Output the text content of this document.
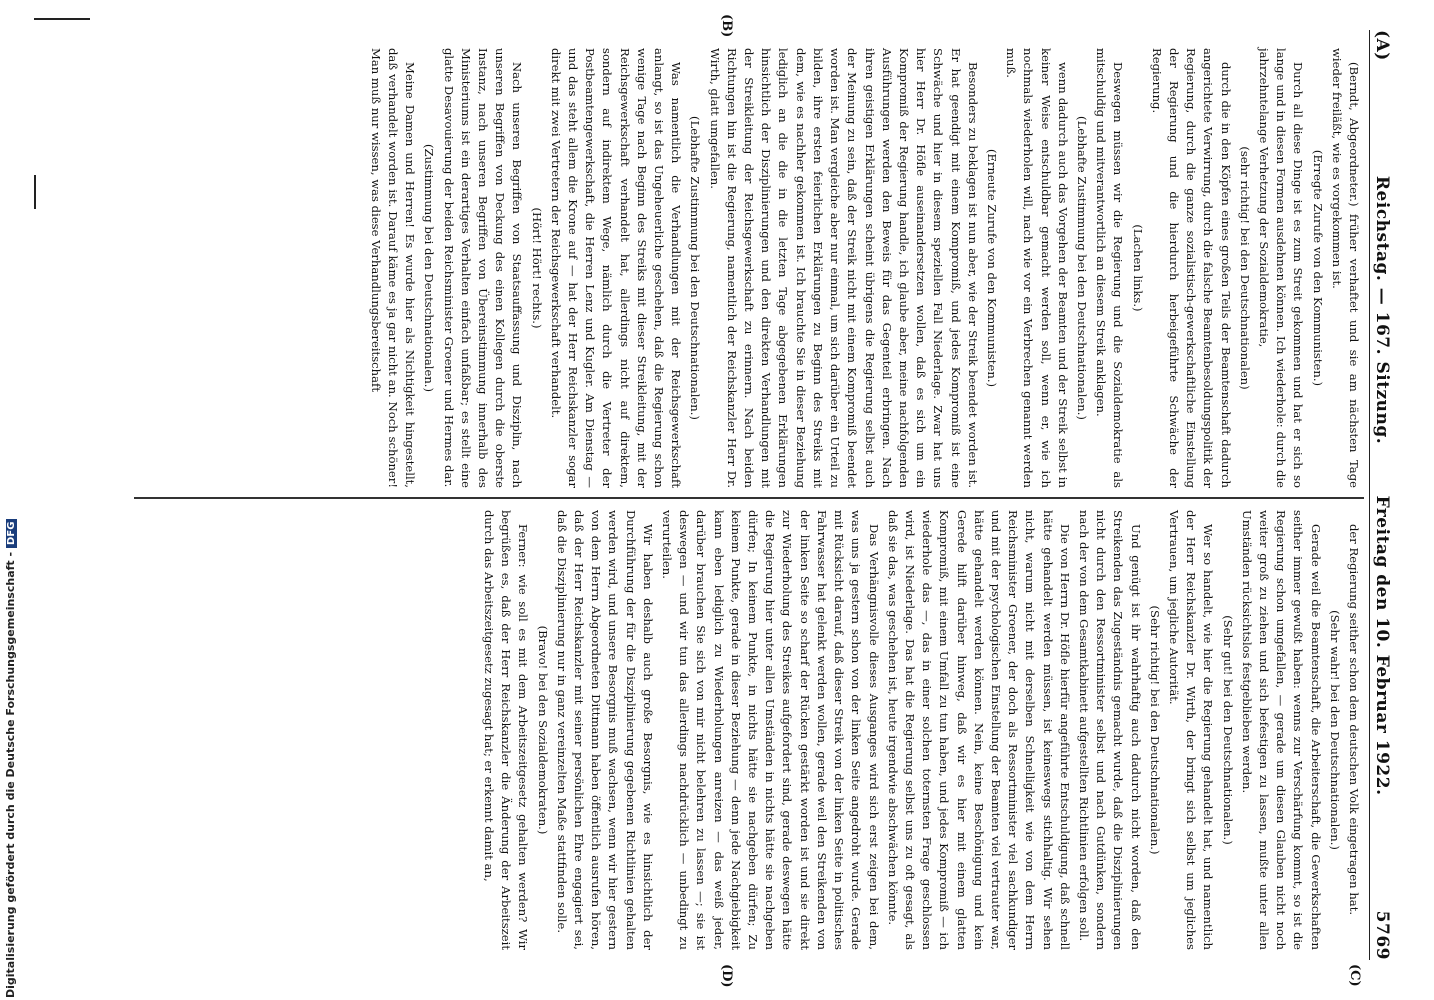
(A)
Reichstag. — 167. Sitzung.        Freitag den 10. Februar 1922.
5769
(C)
(B)
(D)

(Berndt, Abgeordneter.) früher verhaftet und sie am nächsten Tage wieder freiläßt, wie es vorgekommen ist.

(Erregte Zurufe von den Kommunisten.)

Durch all diese Dinge ist es zum Streit gekommen und hat er sich so lange und in diesen Formen ausdehnen können. Ich wiederhole: durch die jahrzehntelange Verhetzung der Sozialdemokratie,

(sehr richtig! bei den Deutschnationalen)

durch die in den Köpfen eines großen Teils der Beamtenschaft dadurch angerichtete Verwirrung, durch die falsche Beamtenbesoldungspolitik der Regierung, durch die ganze sozialistisch-gewerkschaftliche Einstellung der Regierung und die hierdurch herbeigeführte Schwäche der Regierung.

(Lachen links.)

Deswegen müssen wir die Regierung und die Sozialdemokratie als mitschuldig und mitverantwortlich an diesem Streik anklagen.

(Lebhafte Zustimmung bei den Deutschnationalen.)

wenn dadurch auch das Vorgehen der Beamten und der Streik selbst in keiner Weise entschuldbar gemacht werden soll, wenn er, wie ich nochmals wiederholen will, nach wie vor ein Verbrechen genannt werden muß.

(Erneute Zurufe von den Kommunisten.)

Besonders zu beklagen ist nun aber, wie der Streik beendet worden ist. Er hat geendigt mit einem Kompromiß, und jedes Kompromiß ist eine Schwäche und hier in diesem speziellen Fall Niederlage. Zwar hat uns hier Herr Dr. Höfle auseinandersetzen wollen, daß es sich um ein Kompromiß der Regierung handle, ich glaube aber, meine nachfolgenden Ausführungen werden den Beweis für das Gegenteil erbringen. Nach ihren geistigen Erklärungen scheint übrigens die Regierung selbst auch der Meinung zu sein, daß der Streik nicht mit einem Kompromiß beendet worden ist. Man vergleiche aber nur einmal, um sich darüber ein Urteil zu bilden, ihre ersten feierlichen Erklärungen zu Beginn des Streiks mit dem, wie es nachher gekommen ist. Ich brauchte Sie in dieser Beziehung lediglich an die die in die letzten Tage abgegebenen Erklärungen hinsichtlich der Disziplinierungen und den direkten Verhandlungen mit der Streikleitung der Reichsgewerkschaft zu erinnern. Nach beiden Richtungen hin ist die Regierung, namentlich der Reichskanzler Herr Dr. Wirth, glatt umgefallen.

(Lebhafte Zustimmung bei den Deutschnationalen.)

Was namentlich die Verhandlungen mit der Reichsgewerkschaft anlangt, so ist das Ungeheuerliche geschehen, daß die Regierung schon wenige Tage nach Beginn des Streiks mit dieser Streikleitung, mit der Reichsgewerkschaft verhandelt hat, allerdings nicht auf direktem, sondern auf indirektem Wege, nämlich durch die Vertreter der Postbeamtengewerkschaft, die Herren Lenz und Kugler. Am Dienstag — und das steht allem die Krone auf — hat der Herr Reichskanzler sogar direkt mit zwei Vertretern der Reichsgewerkschaft verhandelt.

(Hört! Hört! rechts.)

Nach unseren Begriffen von Staatsauffassung und Disziplin, nach unseren Begriffen von Deckung des einen Kollegen durch die oberste Instanz, nach unseren Begriffen von Übereinstimmung innerhalb des Ministeriums ist ein derartiges Verhalten einfach unfaßbar; es stellt eine glatte Desavouierung der beiden Reichsminister Groener und Hermes dar.

(Zustimmung bei den Deutschnationalen.)

Meine Damen und Herren! Es wurde hier als Nichtigkeit hingestellt, daß verhandelt worden ist. Darauf käme es ja gar nicht an. Noch schöner! Man muß nur wissen, was diese Verhandlungsbereitschaft

der Regierung seither schon dem deutschen Volk eingetragen hat.

(Sehr wahr! bei den Deutschnationalen.)

Gerade weil die Beamtenschaft, die Arbeiterschaft, die Gewerkschaften seither immer gewußt haben: wenns zur Verschärfung kommt, so ist die Regierung schon umgefallen, — gerade um diesen Glauben nicht noch weiter groß zu ziehen und sich befestigen zu lassen, mußte unter allen Umständen rücksichtslos festgeblieben werden.

(Sehr gut! bei den Deutschnationalen.)

Wer so handelt, wie hier die Regierung gehandelt hat, und namentlich der Herr Reichskanzler Dr. Wirth, der bringt sich selbst um jegliches Vertrauen, um jegliche Autorität.

(Sehr richtig! bei den Deutschnationalen.)

Und genügt ist ihr wahrhaftig auch dadurch nicht worden, daß den Streikenden das Zugeständnis gemacht wurde, daß die Disziplinierungen nicht durch den Ressortminister selbst und nach Gutdünken, sondern nach der von dem Gesamtkabinett aufgestellten Richtlinien erfolgen soll.

Die von Herrn Dr. Höfle hierfür angeführte Entschuldigung, daß schnell hätte gehandelt werden müssen, ist keineswegs stichhaltig. Wir sehen nicht, warum nicht mit derselben Schnelligkeit wie von dem Herrn Reichsminister Groener, der doch als Ressortminister viel sachkundiger und mit der psychologischen Einstellung der Beamten viel vertrauter war, hätte gehandelt werden können. Nein, keine Beschönigung und kein Gerede hilft darüber hinweg, daß wir es hier mit einem glatten Kompromiß, mit einem Umfall zu tun haben, und jedes Kompromiß — ich wiederhole das —, das in einer solchen toternsten Frage geschlossen wird, ist Niederlage. Das hat die Regierung selbst uns zu oft gesagt, als daß sie das, was geschehen ist, heute irgendwie abschwächen könnte.

Das Verhängnisvolle dieses Ausganges wird sich erst zeigen bei dem, was uns ja gestern schon von der linken Seite angedroht wurde. Gerade mit Rücksicht darauf, daß dieser Streik von der linken Seite in politisches Fahrwasser hat gelenkt werden wollen, gerade weil den Streikenden von der linken Seite so scharf der Rücken gestärkt worden ist und sie direkt zur Wiederholung des Streikes aufgefordert sind, gerade deswegen hätte die Regierung hier unter allen Umständen in nichts hätte sie nachgeben dürfen; In keinem Punkte, in nichts hätte sie nachgeben dürfen; Zu keinem Punkte, gerade in dieser Beziehung — denn jede Nachgiebigkeit kann eben lediglich zu Wiederholungen anreizen — das weiß jeder, darüber brauchen Sie sich von mir nicht belehren zu lassen —; sie ist deswegen — und wir tun das allerdings nachdrücklich — unbedingt zu verurteilen.

Wir haben deshalb auch große Besorgnis, wie es hinsichtlich der Durchführung der für die Disziplinierung gegebenen Richtlinien gehalten werden wird, und unsere Besorgnis muß wachsen, wenn wir hier gestern von dem Herrn Abgeordneten Dittmann haben öffentlich ausrufen hören, daß der Herr Reichskanzler mit seiner persönlichen Ehre engagiert sei, daß die Disziplinierung nur in ganz vereinzelten Maße stattfinden solle.

(Bravo! bei den Sozialdemokraten.)

Ferner: wie soll es mit dem Arbeitszeitgesetz gehalten werden? Wir begrüßen es, daß der Herr Reichskanzler die Änderung der Arbeitszeit durch das Arbeitszeitgesetz zugesagt hat; er erkennt damit an,

Digitalisierung gefördert durch die Deutsche Forschungsgemeinschaft -DFG
